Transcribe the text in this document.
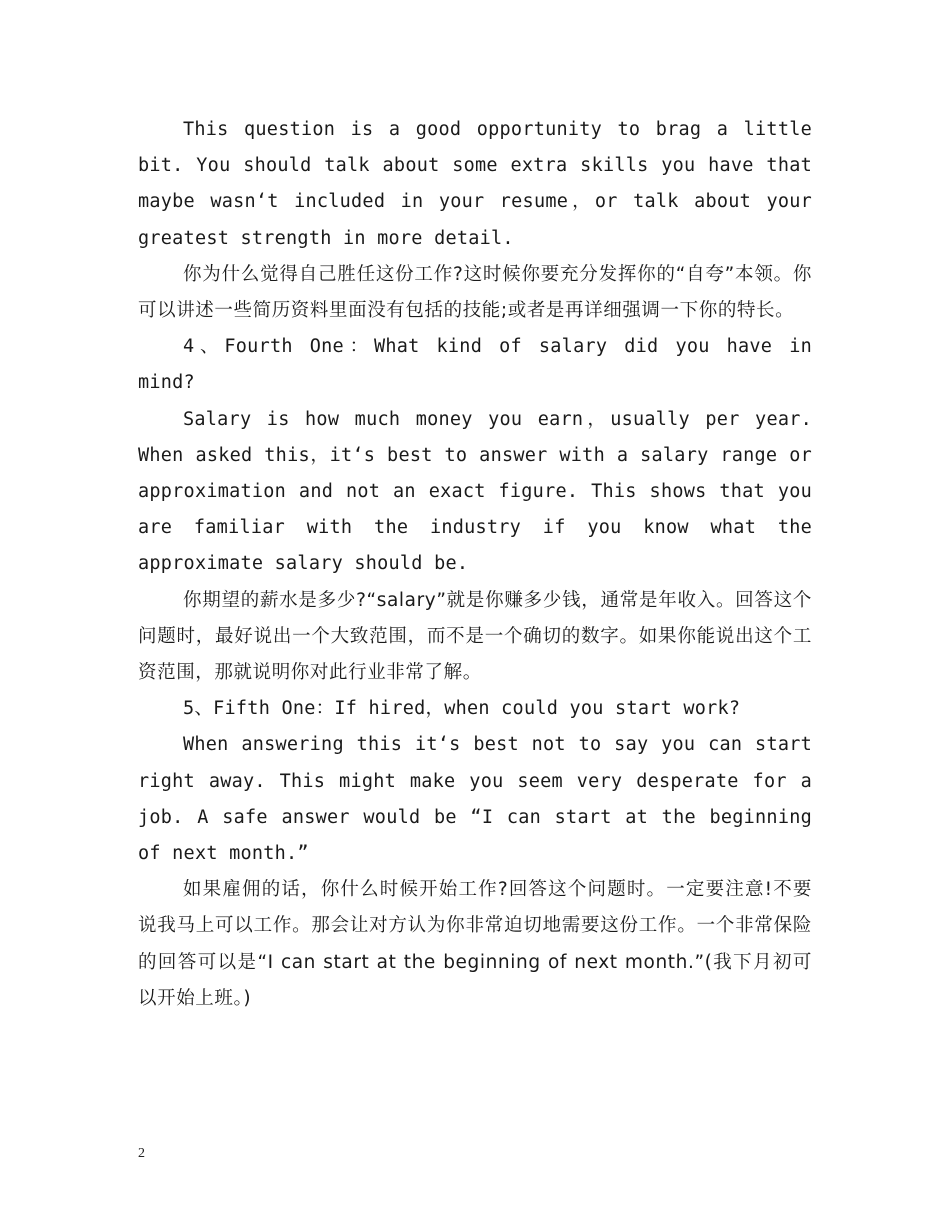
This question is a good opportunity to brag a little bit. You should talk about some extra skills you have that maybe wasn‘t included in your resume，or talk about your greatest strength in more detail.

你为什么觉得自己胜任这份工作?这时候你要充分发挥你的“自夸”本领。你可以讲述一些简历资料里面没有包括的技能;或者是再详细强调一下你的特长。

4、Fourth One：What kind of salary did you have in mind?

Salary is how much money you earn，usually per year. When asked this，it‘s best to answer with a salary range or approximation and not an exact figure. This shows that you are familiar with the industry if you know what the approximate salary should be.

你期望的薪水是多少?“salary”就是你赚多少钱，通常是年收入。回答这个问题时，最好说出一个大致范围，而不是一个确切的数字。如果你能说出这个工资范围，那就说明你对此行业非常了解。

5、Fifth One：If hired，when could you start work?

When answering this it‘s best not to say you can start right away. This might make you seem very desperate for a job. A safe answer would be “I can start at the beginning of next month.”

如果雇佣的话，你什么时候开始工作?回答这个问题时。一定要注意!不要说我马上可以工作。那会让对方认为你非常迫切地需要这份工作。一个非常保险的回答可以是“I can start at the beginning of next month.”(我下月初可以开始上班。)

2
